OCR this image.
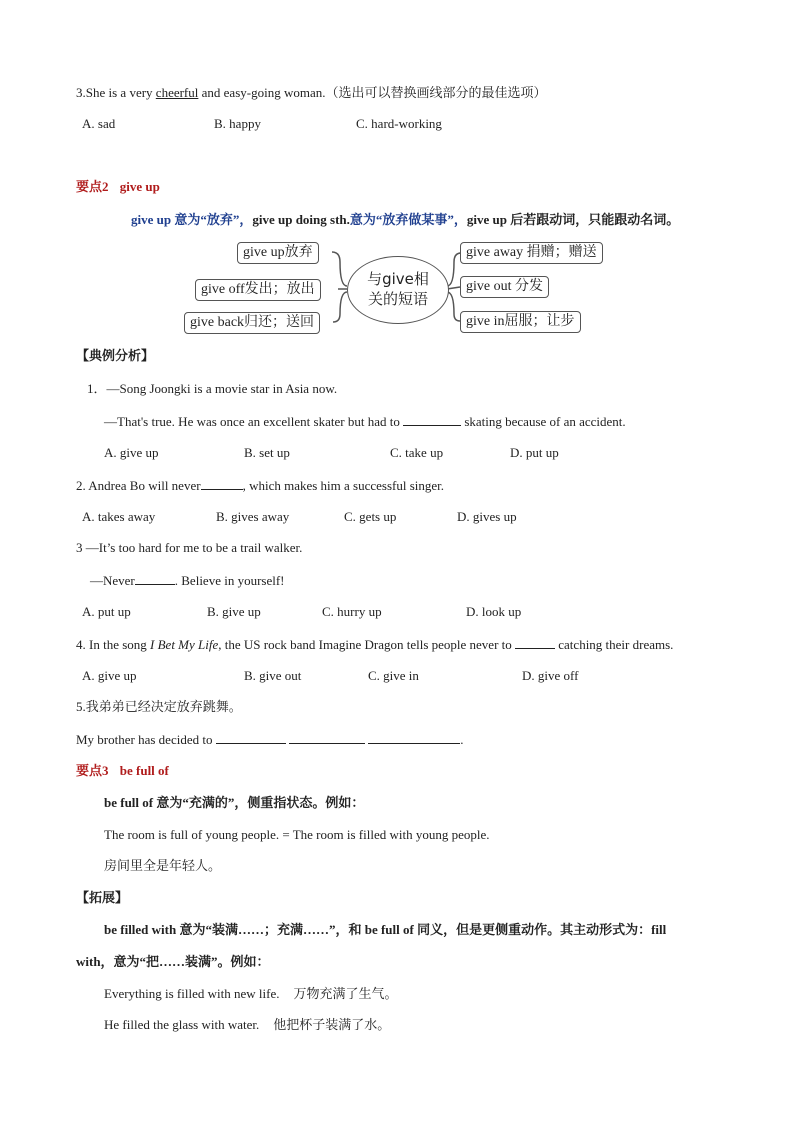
3.She is a very cheerful and easy-going woman.（选出可以替换画线部分的最佳选项）
A. sad	B. happy	C. hard-working
要点2 give up
give up 意为“放弃”，give up doing sth.意为“放弃做某事”，give up 后若跟动词，只能跟动名词。
give up放弃
give off发出；放出
give back归还；送回
与give相
关的短语
give away 捐赠；赠送
give out 分发
give in屈服；让步
【典例分析】
1．—Song Joongki is a movie star in Asia now.
—That's true. He was once an excellent skater but had to	skating because of an accident.
A. give up	B. set up	C. take up	D. put up
2. Andrea Bo will never	, which makes him a successful singer.
A. takes away	B. gives away	C. gets up	D. gives up
3 —It’s too hard for me to be a trail walker.
—Never	. Believe in yourself!
A. put up	B. give up	C. hurry up	D. look up
4. In the song I Bet My Life, the US rock band Imagine Dragon tells people never to	catching their dreams.
A. give up	B. give out	C. give in	D. give off
5.我弟弟已经决定放弃跳舞。
My brother has decided to	.
要点3 be full of
be full of 意为“充满的”，侧重指状态。例如：
The room is full of young people. = The room is filled with young people.
房间里全是年轻人。
【拓展】
be filled with 意为“装满……；充满……”，和 be full of 同义，但是更侧重动作。其主动形式为：fill
with，意为“把……装满”。例如：
Everything is filled with new life. 万物充满了生气。
He filled the glass with water. 他把杯子装满了水。
